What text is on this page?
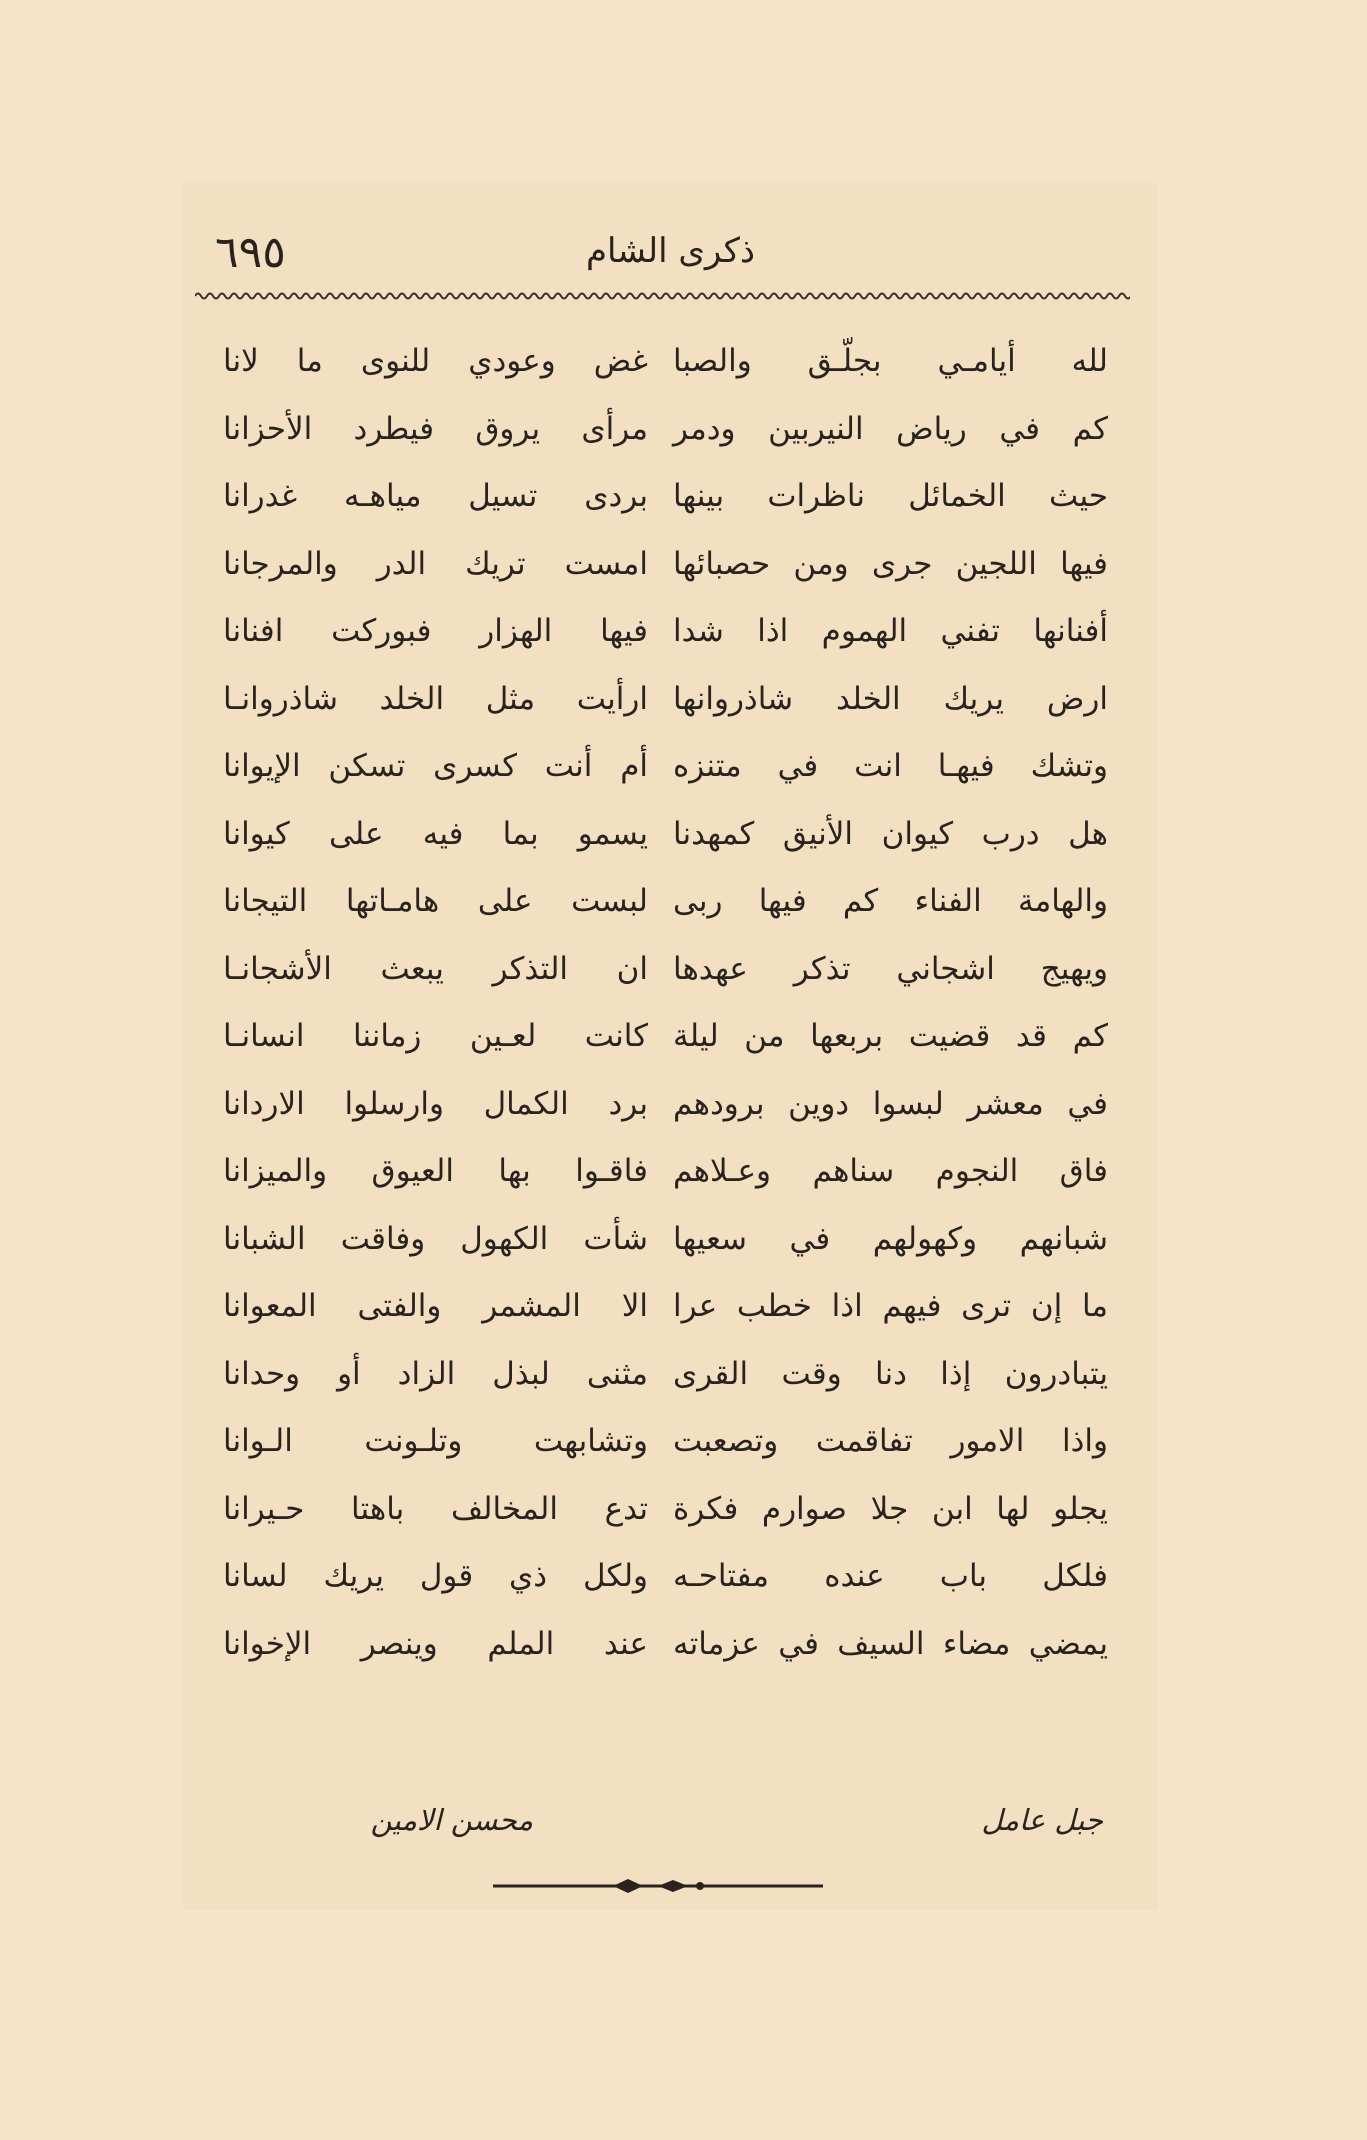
٦٩٥	ذكرى الشام
لله أيامـي بجلّـق والصبا
كم في رياض النيربين ودمر
حيث الخمائل ناظرات بينها
فيها اللجين جرى ومن حصبائها
أفنانها تفني الهموم اذا شدا
ارض يريك الخلد شاذروانها
وتشك فيهـا انت في متنزه
هل درب كيوان الأنيق كمهدنا
والهامة الفناء كم فيها ربى
ويهيج اشجاني تذكر عهدها
كم قد قضيت بربعها من ليلة
في معشر لبسوا دوين برودهم
فاق النجوم سناهم وعـلاهم
شبانهم وكهولهم في سعيها
ما إن ترى فيهم اذا خطب عرا
يتبادرون إذا دنا وقت القرى
واذا الامور تفاقمت وتصعبت
يجلو لها ابن جلا صوارم فكرة
فلكل باب عنده مفتاحـه
يمضي مضاء السيف في عزماته
غض وعودي للنوى ما لانا
مرأى يروق فيطرد الأحزانا
بردى تسيل مياهـه غدرانا
امست تريك الدر والمرجانا
فيها الهزار فبوركت افنانا
ارأيت مثل الخلد شاذروانـا
أم أنت كسرى تسكن الإيوانا
يسمو بما فيه على كيوانا
لبست على هامـاتها التيجانا
ان التذكر يبعث الأشجانـا
كانت لعـين زماننا انسانـا
برد الكمال وارسلوا الاردانا
فاقـوا بها العيوق والميزانا
شأت الكهول وفاقت الشبانا
الا المشمر والفتى المعوانا
مثنى لبذل الزاد أو وحدانا
وتشابهت وتلـونت الـوانا
تدع المخالف باهتا حـيرانا
ولكل ذي قول يريك لسانا
عند الملم وينصر الإخوانا
جبل عامل
محسن الامين
